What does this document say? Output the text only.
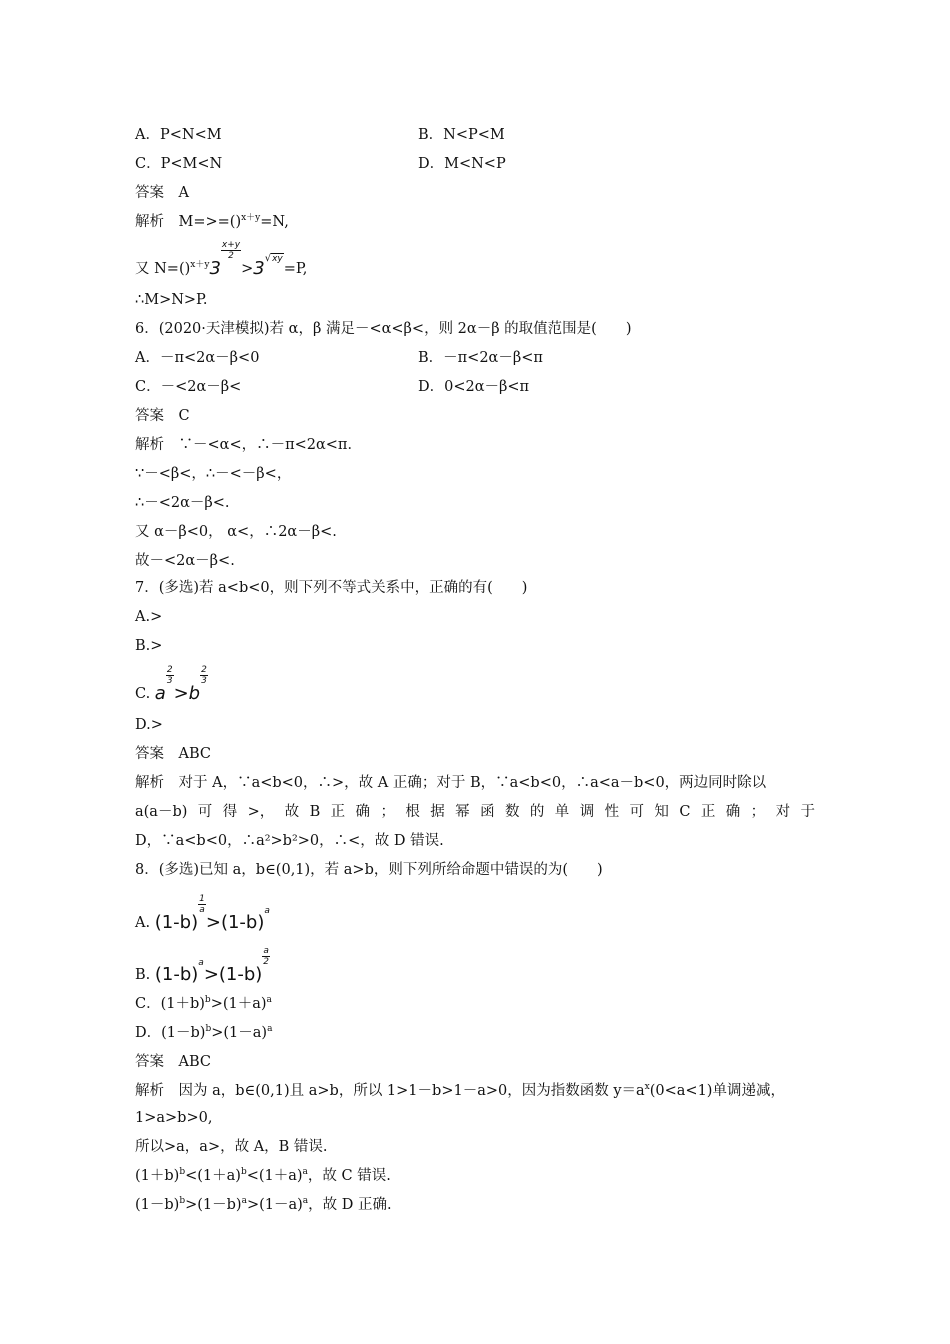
A．P<N<M	B．N<P<M
C．P<M<N	D．M<N<P
答案　A
解析　M=>=()$^{x+y}$=N,
又 N=()$^{x+y}$3
$\frac{x+y}{2}$
$>3^{√xy}=P$,
∴M>N>P.
6．(2020·天津模拟)若 α，β 满足－<α<β<，则 2α－β 的取值范围是(　　)
A．－π<2α－β<0	B．－π<2α－β<π
C．－<2α－β<	D．0<2α－β<π
答案　C
解析　∵－<α<，∴－π<2α<π．
∵－<β<，∴－<－β<，
∴－<2α－β<.
又 α－β<0， α<，∴2α－β<.
故－<2α－β<.
7．(多选)若 a<b<0，则下列不等式关系中，正确的有(　　)
A.>
B.>
C. a
$\frac{2}{3}$
>b
$\frac{2}{3}$
D.>
答案　ABC
解析　对于 A，∵a<b<0，∴>，故 A 正确；对于 B，∵a<b<0，∴a<a－b<0，两边同时除以
a(a－b) 可 得 >， 故 B 正 确 ； 根 据 幂 函 数 的 单 调 性 可 知 C 正 确 ； 对 于
D，∵a<b<0，∴a²>b²>0，∴<，故 D 错误.
8．(多选)已知 a，b∈(0,1)，若 a>b，则下列所给命题中错误的为(　　)
A. (1-b)
$\frac{1}{a}$
$>(1-b)^a$
B. $(1-b)^a>(1-b)$
$\frac{a}{2}$
C．$(1+b)^b>(1+a)^a$
D．$(1-b)^b>(1-a)^a$
答案　ABC
解析　因为 a，b∈(0,1)且 a>b，所以 1>1－b>1－a>0，因为指数函数 $y=a^x(0<a<1)$单调递减，
1>a>b>0,
所以>a，a>，故 A，B 错误.
$(1+b)^b<(1+a)^b<(1+a)^a$，故 C 错误.
$(1-b)^b>(1-b)^a>(1-a)^a$，故 D 正确.
